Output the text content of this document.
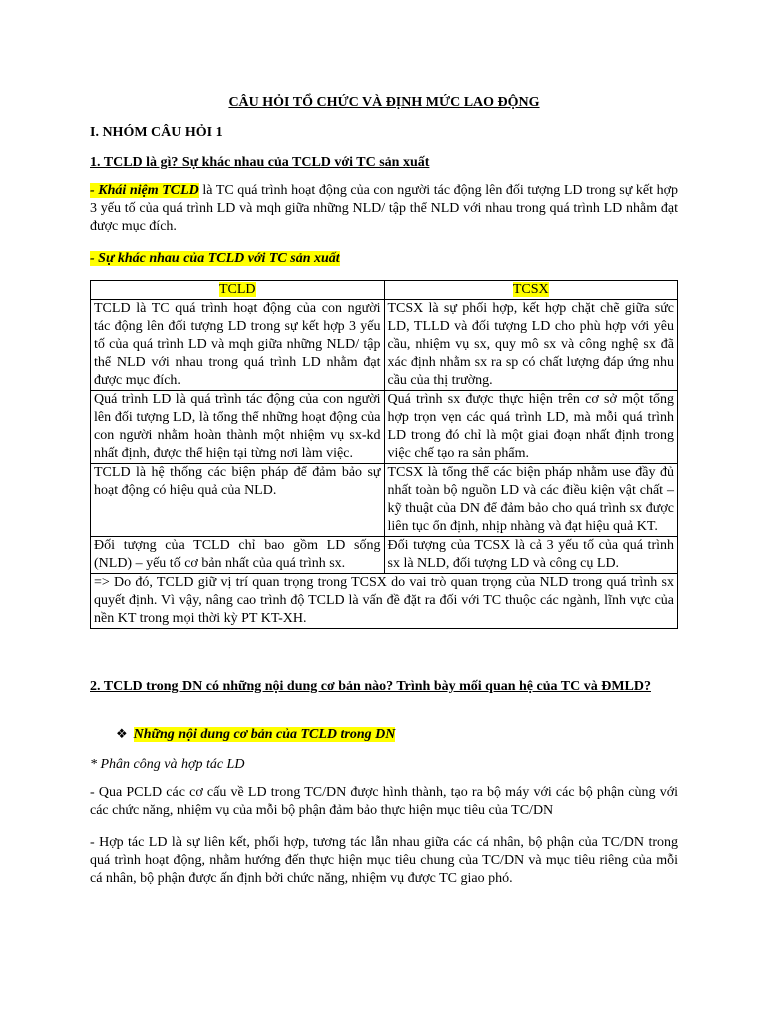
CÂU HỎI TỔ CHỨC VÀ ĐỊNH MỨC LAO ĐỘNG

I. NHÓM CÂU HỎI 1

1. TCLD là gì? Sự khác nhau của TCLD với TC sản xuất

- Khái niệm TCLD là TC quá trình hoạt động của con người tác động lên đối tượng LD trong sự kết hợp 3 yếu tố của quá trình LD và mqh giữa những NLD/ tập thể NLD với nhau trong quá trình LD nhằm đạt được mục đích.

- Sự khác nhau của TCLD với TC sản xuất

TCLD	TCSX
TCLD là TC quá trình hoạt động của con người tác động lên đối tượng LD trong sự kết hợp 3 yếu tố của quá trình LD và mqh giữa những NLD/ tập thể NLD với nhau trong quá trình LD nhằm đạt được mục đích.	TCSX là sự phối hợp, kết hợp chặt chẽ giữa sức LD, TLLD và đối tượng LD cho phù hợp với yêu cầu, nhiệm vụ sx, quy mô sx và công nghệ sx đã xác định nhằm sx ra sp có chất lượng đáp ứng nhu cầu của thị trường.
Quá trình LD là quá trình tác động của con người lên đối tượng LD, là tổng thể những hoạt động của con người nhằm hoàn thành một nhiệm vụ sx-kd nhất định, được thể hiện tại từng nơi làm việc.	Quá trình sx được thực hiện trên cơ sở một tổng hợp trọn vẹn các quá trình LD, mà mỗi quá trình LD trong đó chỉ là một giai đoạn nhất định trong việc chế tạo ra sản phẩm.
TCLD là hệ thống các biện pháp để đảm bảo sự hoạt động có hiệu quả của NLD.	TCSX là tổng thể các biện pháp nhằm use đầy đủ nhất toàn bộ nguồn LD và các điều kiện vật chất – kỹ thuật của DN để đảm bảo cho quá trình sx được liên tục ổn định, nhịp nhàng và đạt hiệu quả KT.
Đối tượng của TCLD chỉ bao gồm LD sống (NLD) – yếu tố cơ bản nhất của quá trình sx.	Đối tượng của TCSX là cả 3 yếu tố của quá trình sx là NLD, đối tượng LD và công cụ LD.
=> Do đó, TCLD giữ vị trí quan trọng trong TCSX do vai trò quan trọng của NLD trong quá trình sx quyết định. Vì vậy, nâng cao trình độ TCLD là vấn đề đặt ra đối với TC thuộc các ngành, lĩnh vực của nền KT trong mọi thời kỳ PT KT-XH.	

2. TCLD trong DN có những nội dung cơ bản nào? Trình bày mối quan hệ của TC và ĐMLD?

❖ Những nội dung cơ bản của TCLD trong DN

* Phân công và hợp tác LD

- Qua PCLD các cơ cấu về LD trong TC/DN được hình thành, tạo ra bộ máy với các bộ phận cùng với các chức năng, nhiệm vụ của mỗi bộ phận đảm bảo thực hiện mục tiêu của TC/DN

- Hợp tác LD là sự liên kết, phối hợp, tương tác lẫn nhau giữa các cá nhân, bộ phận của TC/DN trong quá trình hoạt động, nhằm hướng đến thực hiện mục tiêu chung của TC/DN và mục tiêu riêng của mỗi cá nhân, bộ phận được ấn định bởi chức năng, nhiệm vụ được TC giao phó.
